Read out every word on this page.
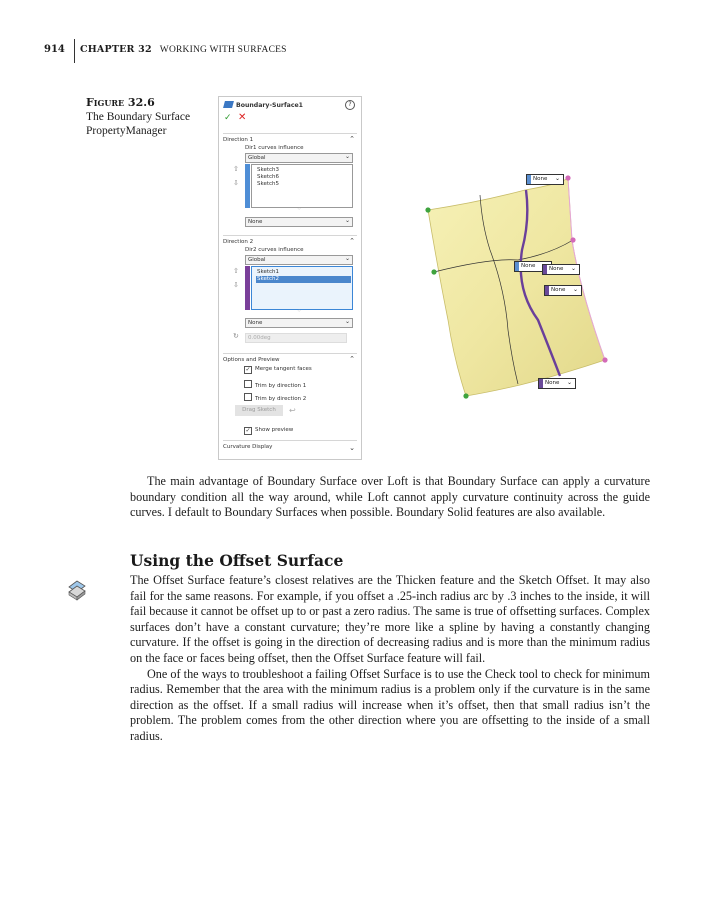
914 CHAPTER 32 WORKING WITH SURFACES
Figure 32.6
The Boundary Surface PropertyManager
Boundary-Surface1	?
✓ ✕
Direction 1	⌃
Dir1 curves influence
Global	⌄
⇧
⇩
Sketch3
Sketch6
Sketch5
⁘
None	⌄
Direction 2	⌃
Dir2 curves influence
Global	⌄
⇧
⇩
Sketch1
Sketch2
⁘
None	⌄
↻	0.00deg
Options and Preview	⌃
✓ Merge tangent faces
Trim by direction 1
Trim by direction 2
✓ Show preview
Drag Sketch	↩
Curvature Display	⌄
None ⌄
None	None ⌄
None ⌄
None ⌄

The main advantage of Boundary Surface over Loft is that Boundary Surface can apply a curvature boundary condition all the way around, while Loft cannot apply curvature continuity across the guide curves. I default to Boundary Surfaces when possible. Boundary Solid features are also available.

Using the Offset Surface

The Offset Surface feature’s closest relatives are the Thicken feature and the Sketch Offset. It may also fail for the same reasons. For example, if you offset a .25-inch radius arc by .3 inches to the inside, it will fail because it cannot be offset up to or past a zero radius. The same is true of offsetting surfaces. Complex surfaces don’t have a constant curvature; they’re more like a spline by having a constantly changing curvature. If the offset is going in the direction of decreasing radius and is more than the minimum radius on the face or faces being offset, then the Offset Surface feature will fail.

One of the ways to troubleshoot a failing Offset Surface is to use the Check tool to check for minimum radius. Remember that the area with the minimum radius is a problem only if the curvature is in the same direction as the offset. If a small radius will increase when it’s offset, then that small radius isn’t the problem. The problem comes from the other direction where you are offsetting to the inside of a small radius.
